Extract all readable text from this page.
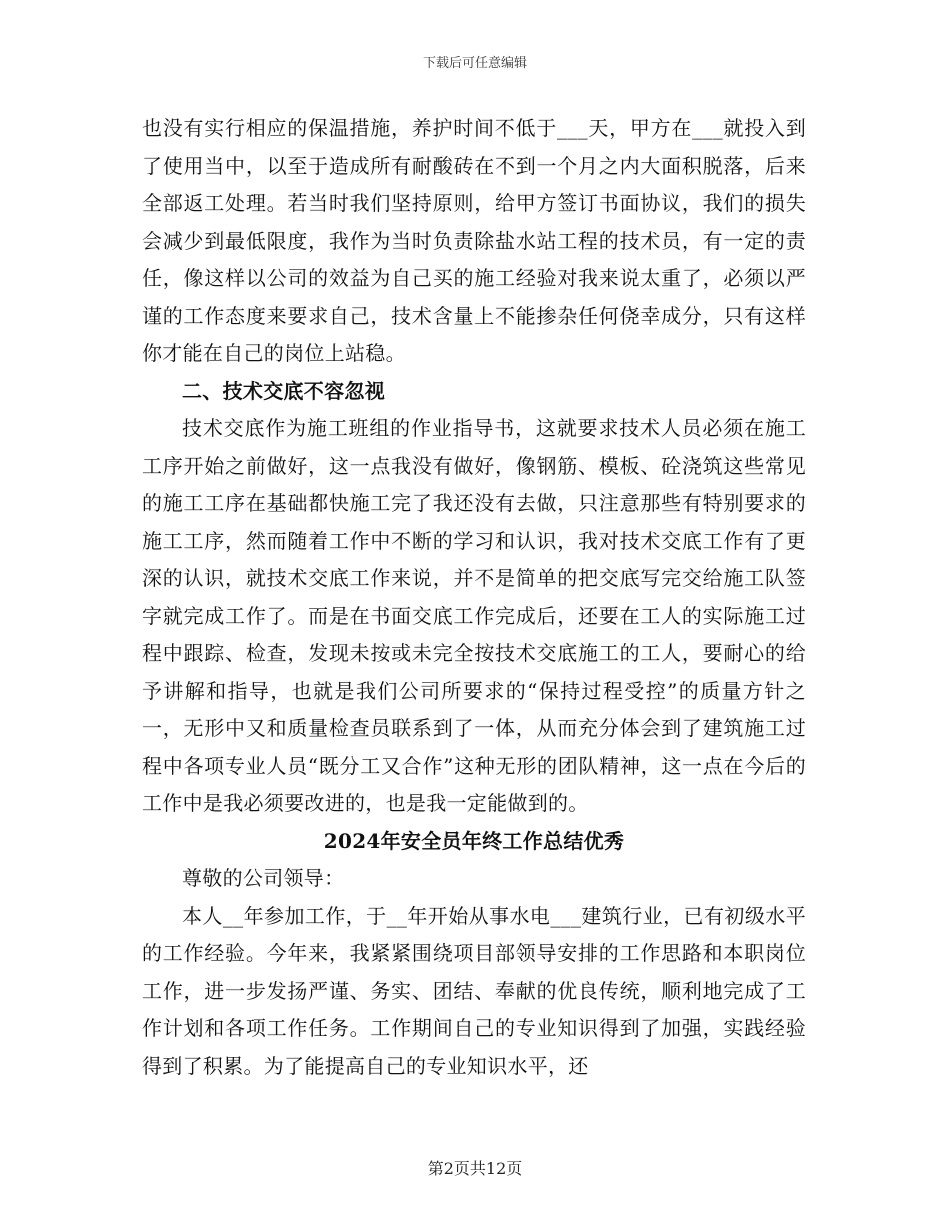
下载后可任意编辑

也没有实行相应的保温措施，养护时间不低于___天，甲方在___就投入到了使用当中，以至于造成所有耐酸砖在不到一个月之内大面积脱落，后来全部返工处理。若当时我们坚持原则，给甲方签订书面协议，我们的损失会减少到最低限度，我作为当时负责除盐水站工程的技术员，有一定的责任，像这样以公司的效益为自己买的施工经验对我来说太重了，必须以严谨的工作态度来要求自己，技术含量上不能掺杂任何侥幸成分，只有这样你才能在自己的岗位上站稳。

二、技术交底不容忽视

技术交底作为施工班组的作业指导书，这就要求技术人员必须在施工工序开始之前做好，这一点我没有做好，像钢筋、模板、砼浇筑这些常见的施工工序在基础都快施工完了我还没有去做，只注意那些有特别要求的施工工序，然而随着工作中不断的学习和认识，我对技术交底工作有了更深的认识，就技术交底工作来说，并不是简单的把交底写完交给施工队签字就完成工作了。而是在书面交底工作完成后，还要在工人的实际施工过程中跟踪、检查，发现未按或未完全按技术交底施工的工人，要耐心的给予讲解和指导，也就是我们公司所要求的“保持过程受控”的质量方针之一，无形中又和质量检查员联系到了一体，从而充分体会到了建筑施工过程中各项专业人员“既分工又合作”这种无形的团队精神，这一点在今后的工作中是我必须要改进的，也是我一定能做到的。

2024年安全员年终工作总结优秀

尊敬的公司领导：

本人__年参加工作，于__年开始从事水电___建筑行业，已有初级水平的工作经验。今年来，我紧紧围绕项目部领导安排的工作思路和本职岗位工作，进一步发扬严谨、务实、团结、奉献的优良传统，顺利地完成了工作计划和各项工作任务。工作期间自己的专业知识得到了加强，实践经验得到了积累。为了能提高自己的专业知识水平，还

第2页共12页
